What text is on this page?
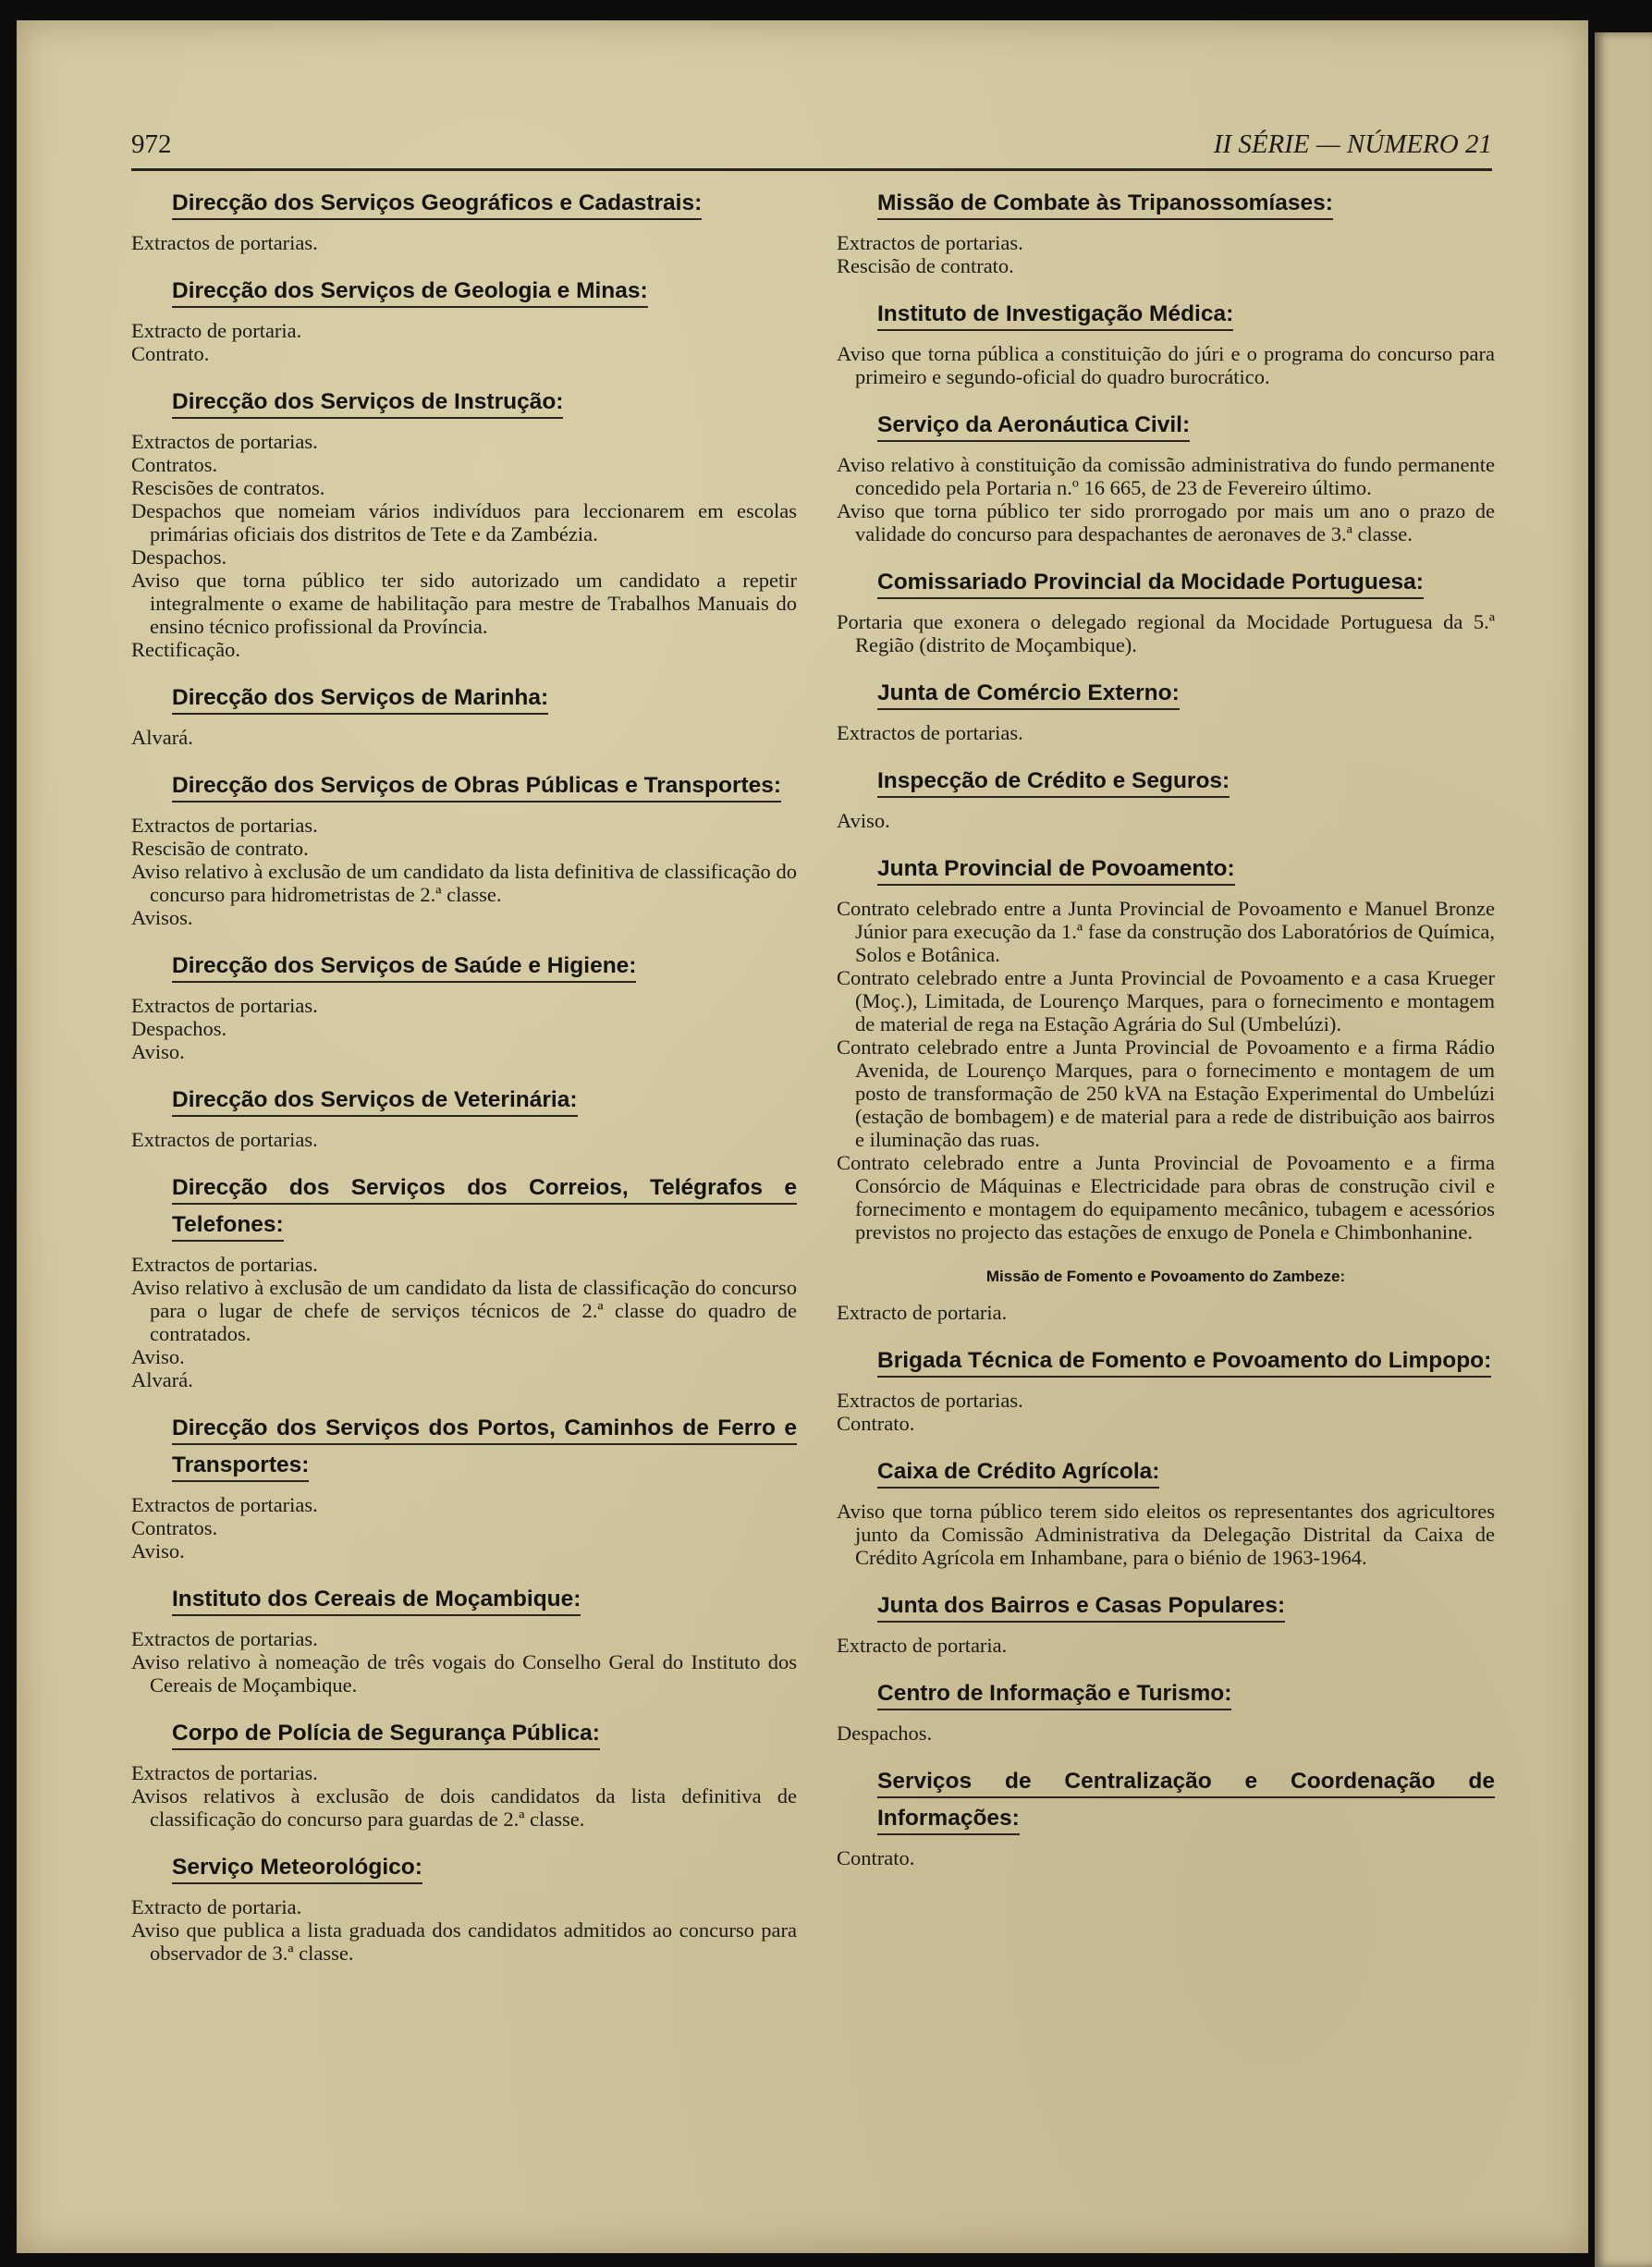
972	II SÉRIE — NÚMERO 21
Direcção dos Serviços Geográficos e Cadastrais:
Extractos de portarias.
Direcção dos Serviços de Geologia e Minas:
Extracto de portaria.
Contrato.
Direcção dos Serviços de Instrução:
Extractos de portarias.
Contratos.
Rescisões de contratos.
Despachos que nomeiam vários indivíduos para leccionarem em escolas primárias oficiais dos distritos de Tete e da Zambézia.
Despachos.
Aviso que torna público ter sido autorizado um candidato a repetir integralmente o exame de habilitação para mestre de Trabalhos Manuais do ensino técnico profissional da Província.
Rectificação.
Direcção dos Serviços de Marinha:
Alvará.
Direcção dos Serviços de Obras Públicas e Transportes:
Extractos de portarias.
Rescisão de contrato.
Aviso relativo à exclusão de um candidato da lista definitiva de classificação do concurso para hidrometristas de 2.ª classe.
Avisos.
Direcção dos Serviços de Saúde e Higiene:
Extractos de portarias.
Despachos.
Aviso.
Direcção dos Serviços de Veterinária:
Extractos de portarias.
Direcção dos Serviços dos Correios, Telégrafos e Telefones:
Extractos de portarias.
Aviso relativo à exclusão de um candidato da lista de classificação do concurso para o lugar de chefe de serviços técnicos de 2.ª classe do quadro de contratados.
Aviso.
Alvará.
Direcção dos Serviços dos Portos, Caminhos de Ferro e Transportes:
Extractos de portarias.
Contratos.
Aviso.
Instituto dos Cereais de Moçambique:
Extractos de portarias.
Aviso relativo à nomeação de três vogais do Conselho Geral do Instituto dos Cereais de Moçambique.
Corpo de Polícia de Segurança Pública:
Extractos de portarias.
Avisos relativos à exclusão de dois candidatos da lista definitiva de classificação do concurso para guardas de 2.ª classe.
Serviço Meteorológico:
Extracto de portaria.
Aviso que publica a lista graduada dos candidatos admitidos ao concurso para observador de 3.ª classe.
Missão de Combate às Tripanossomíases:
Extractos de portarias.
Rescisão de contrato.
Instituto de Investigação Médica:
Aviso que torna pública a constituição do júri e o programa do concurso para primeiro e segundo-oficial do quadro burocrático.
Serviço da Aeronáutica Civil:
Aviso relativo à constituição da comissão administrativa do fundo permanente concedido pela Portaria n.º 16 665, de 23 de Fevereiro último.
Aviso que torna público ter sido prorrogado por mais um ano o prazo de validade do concurso para despachantes de aeronaves de 3.ª classe.
Comissariado Provincial da Mocidade Portuguesa:
Portaria que exonera o delegado regional da Mocidade Portuguesa da 5.ª Região (distrito de Moçambique).
Junta de Comércio Externo:
Extractos de portarias.
Inspecção de Crédito e Seguros:
Aviso.
Junta Provincial de Povoamento:
Contrato celebrado entre a Junta Provincial de Povoamento e Manuel Bronze Júnior para execução da 1.ª fase da construção dos Laboratórios de Química, Solos e Botânica.
Contrato celebrado entre a Junta Provincial de Povoamento e a casa Krueger (Moç.), Limitada, de Lourenço Marques, para o fornecimento e montagem de material de rega na Estação Agrária do Sul (Umbelúzi).
Contrato celebrado entre a Junta Provincial de Povoamento e a firma Rádio Avenida, de Lourenço Marques, para o fornecimento e montagem de um posto de transformação de 250 kVA na Estação Experimental do Umbelúzi (estação de bombagem) e de material para a rede de distribuição aos bairros e iluminação das ruas.
Contrato celebrado entre a Junta Provincial de Povoamento e a firma Consórcio de Máquinas e Electricidade para obras de construção civil e fornecimento e montagem do equipamento mecânico, tubagem e acessórios previstos no projecto das estações de enxugo de Ponela e Chimbonhanine.
Missão de Fomento e Povoamento do Zambeze:
Extracto de portaria.
Brigada Técnica de Fomento e Povoamento do Limpopo:
Extractos de portarias.
Contrato.
Caixa de Crédito Agrícola:
Aviso que torna público terem sido eleitos os representantes dos agricultores junto da Comissão Administrativa da Delegação Distrital da Caixa de Crédito Agrícola em Inhambane, para o biénio de 1963-1964.
Junta dos Bairros e Casas Populares:
Extracto de portaria.
Centro de Informação e Turismo:
Despachos.
Serviços de Centralização e Coordenação de Informações:
Contrato.
